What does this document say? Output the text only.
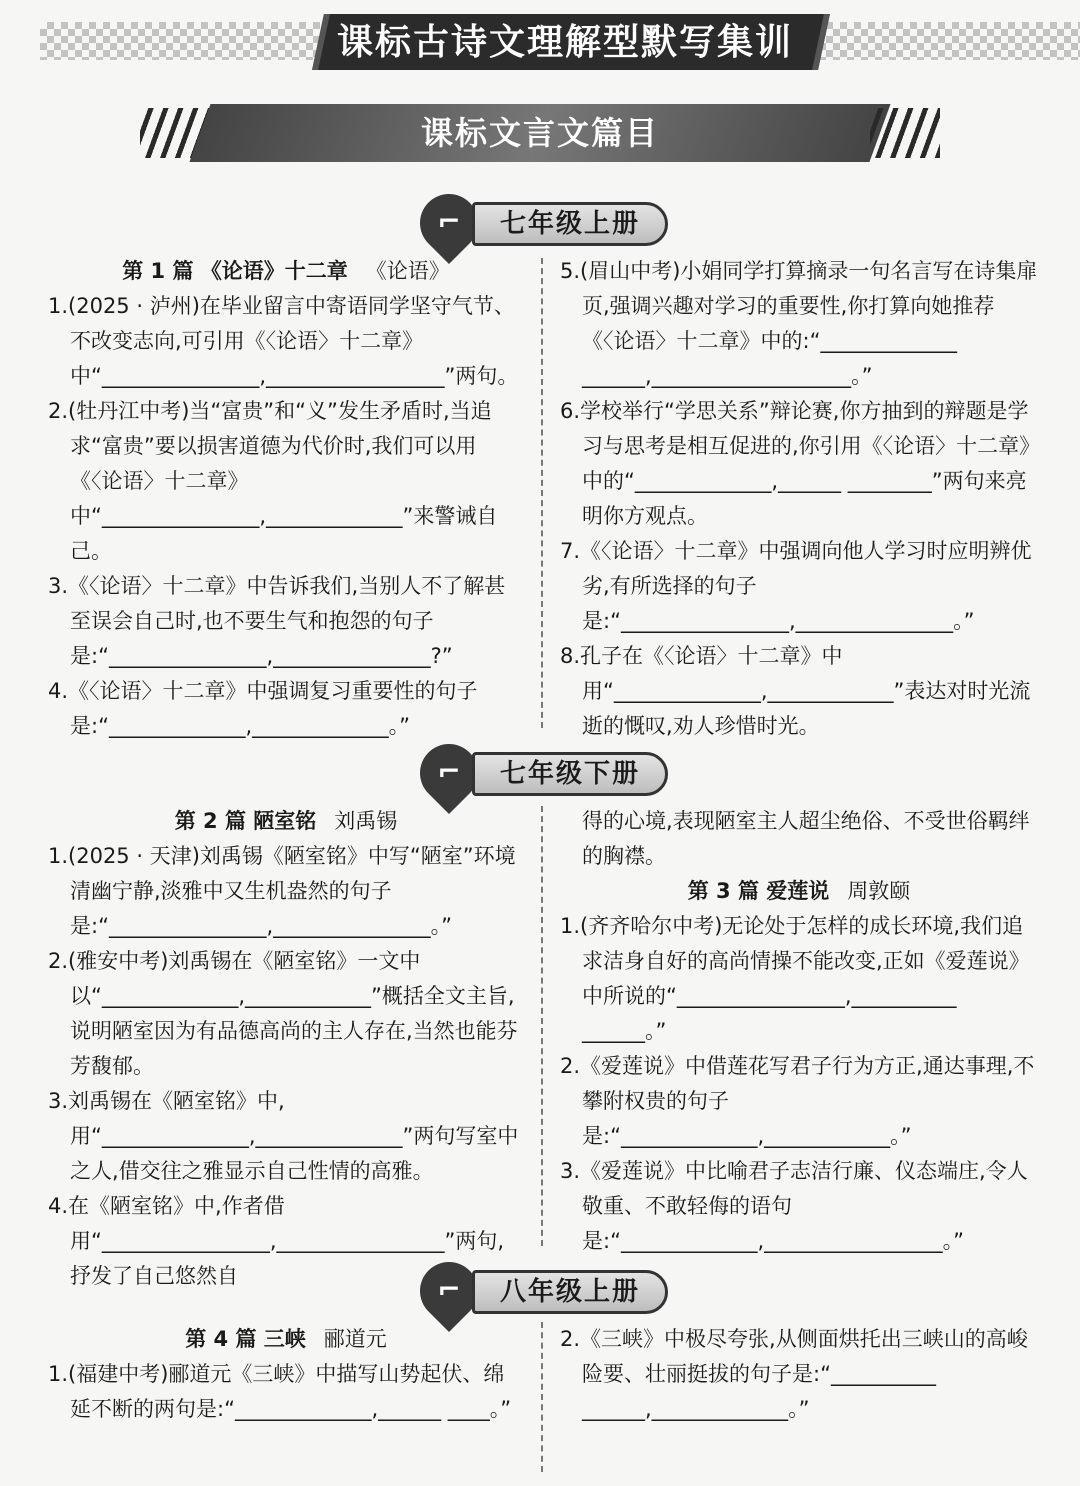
课标古诗文理解型默写集训
课标文言文篇目
⌐	七年级上册
第 1 篇 《论语》十二章 《论语》

1.(2025 · 泸州)在毕业留言中寄语同学坚守气节、不改变志向,可引用《〈论语〉十二章》中“_______________,_________________”两句。

2.(牡丹江中考)当“富贵”和“义”发生矛盾时,当追求“富贵”要以损害道德为代价时,我们可以用《〈论语〉十二章》中“_______________,_____________”来警诫自己。

3.《〈论语〉十二章》中告诉我们,当别人不了解甚至误会自己时,也不要生气和抱怨的句子是:“_______________,_______________?”

4.《〈论语〉十二章》中强调复习重要性的句子是:“_____________,_____________。”

5.(眉山中考)小娟同学打算摘录一句名言写在诗集扉页,强调兴趣对学习的重要性,你打算向她推荐《〈论语〉十二章》中的:“_____________ ______,___________________。”

6.学校举行“学思关系”辩论赛,你方抽到的辩题是学习与思考是相互促进的,你引用《〈论语〉十二章》中的“_____________,______ ________”两句来亮明你方观点。

7.《〈论语〉十二章》中强调向他人学习时应明辨优劣,有所选择的句子是:“________________,_______________。”

8.孔子在《〈论语〉十二章》中用“______________,____________”表达对时光流逝的慨叹,劝人珍惜时光。

⌐	七年级下册
第 2 篇 陋室铭 刘禹锡

1.(2025 · 天津)刘禹锡《陋室铭》中写“陋室”环境清幽宁静,淡雅中又生机盎然的句子是:“_______________,_______________。”

2.(雅安中考)刘禹锡在《陋室铭》一文中以“_____________,____________”概括全文主旨,说明陋室因为有品德高尚的主人存在,当然也能芬芳馥郁。

3.刘禹锡在《陋室铭》中,用“______________,______________”两句写室中之人,借交往之雅显示自己性情的高雅。

4.在《陋室铭》中,作者借用“________________,________________”两句,抒发了自己悠然自

得的心境,表现陋室主人超尘绝俗、不受世俗羁绊的胸襟。

第 3 篇 爱莲说 周敦颐

1.(齐齐哈尔中考)无论处于怎样的成长环境,我们追求洁身自好的高尚情操不能改变,正如《爱莲说》中所说的“________________,__________ ______。”

2.《爱莲说》中借莲花写君子行为方正,通达事理,不攀附权贵的句子是:“_____________,____________。”

3.《爱莲说》中比喻君子志洁行廉、仪态端庄,令人敬重、不敢轻侮的语句是:“_____________,_________________。”

⌐	八年级上册
第 4 篇 三峡 郦道元

1.(福建中考)郦道元《三峡》中描写山势起伏、绵延不断的两句是:“_____________,______ ____。”

2.《三峡》中极尽夸张,从侧面烘托出三峡山的高峻险要、壮丽挺拔的句子是:“__________ ______,_____________。”
